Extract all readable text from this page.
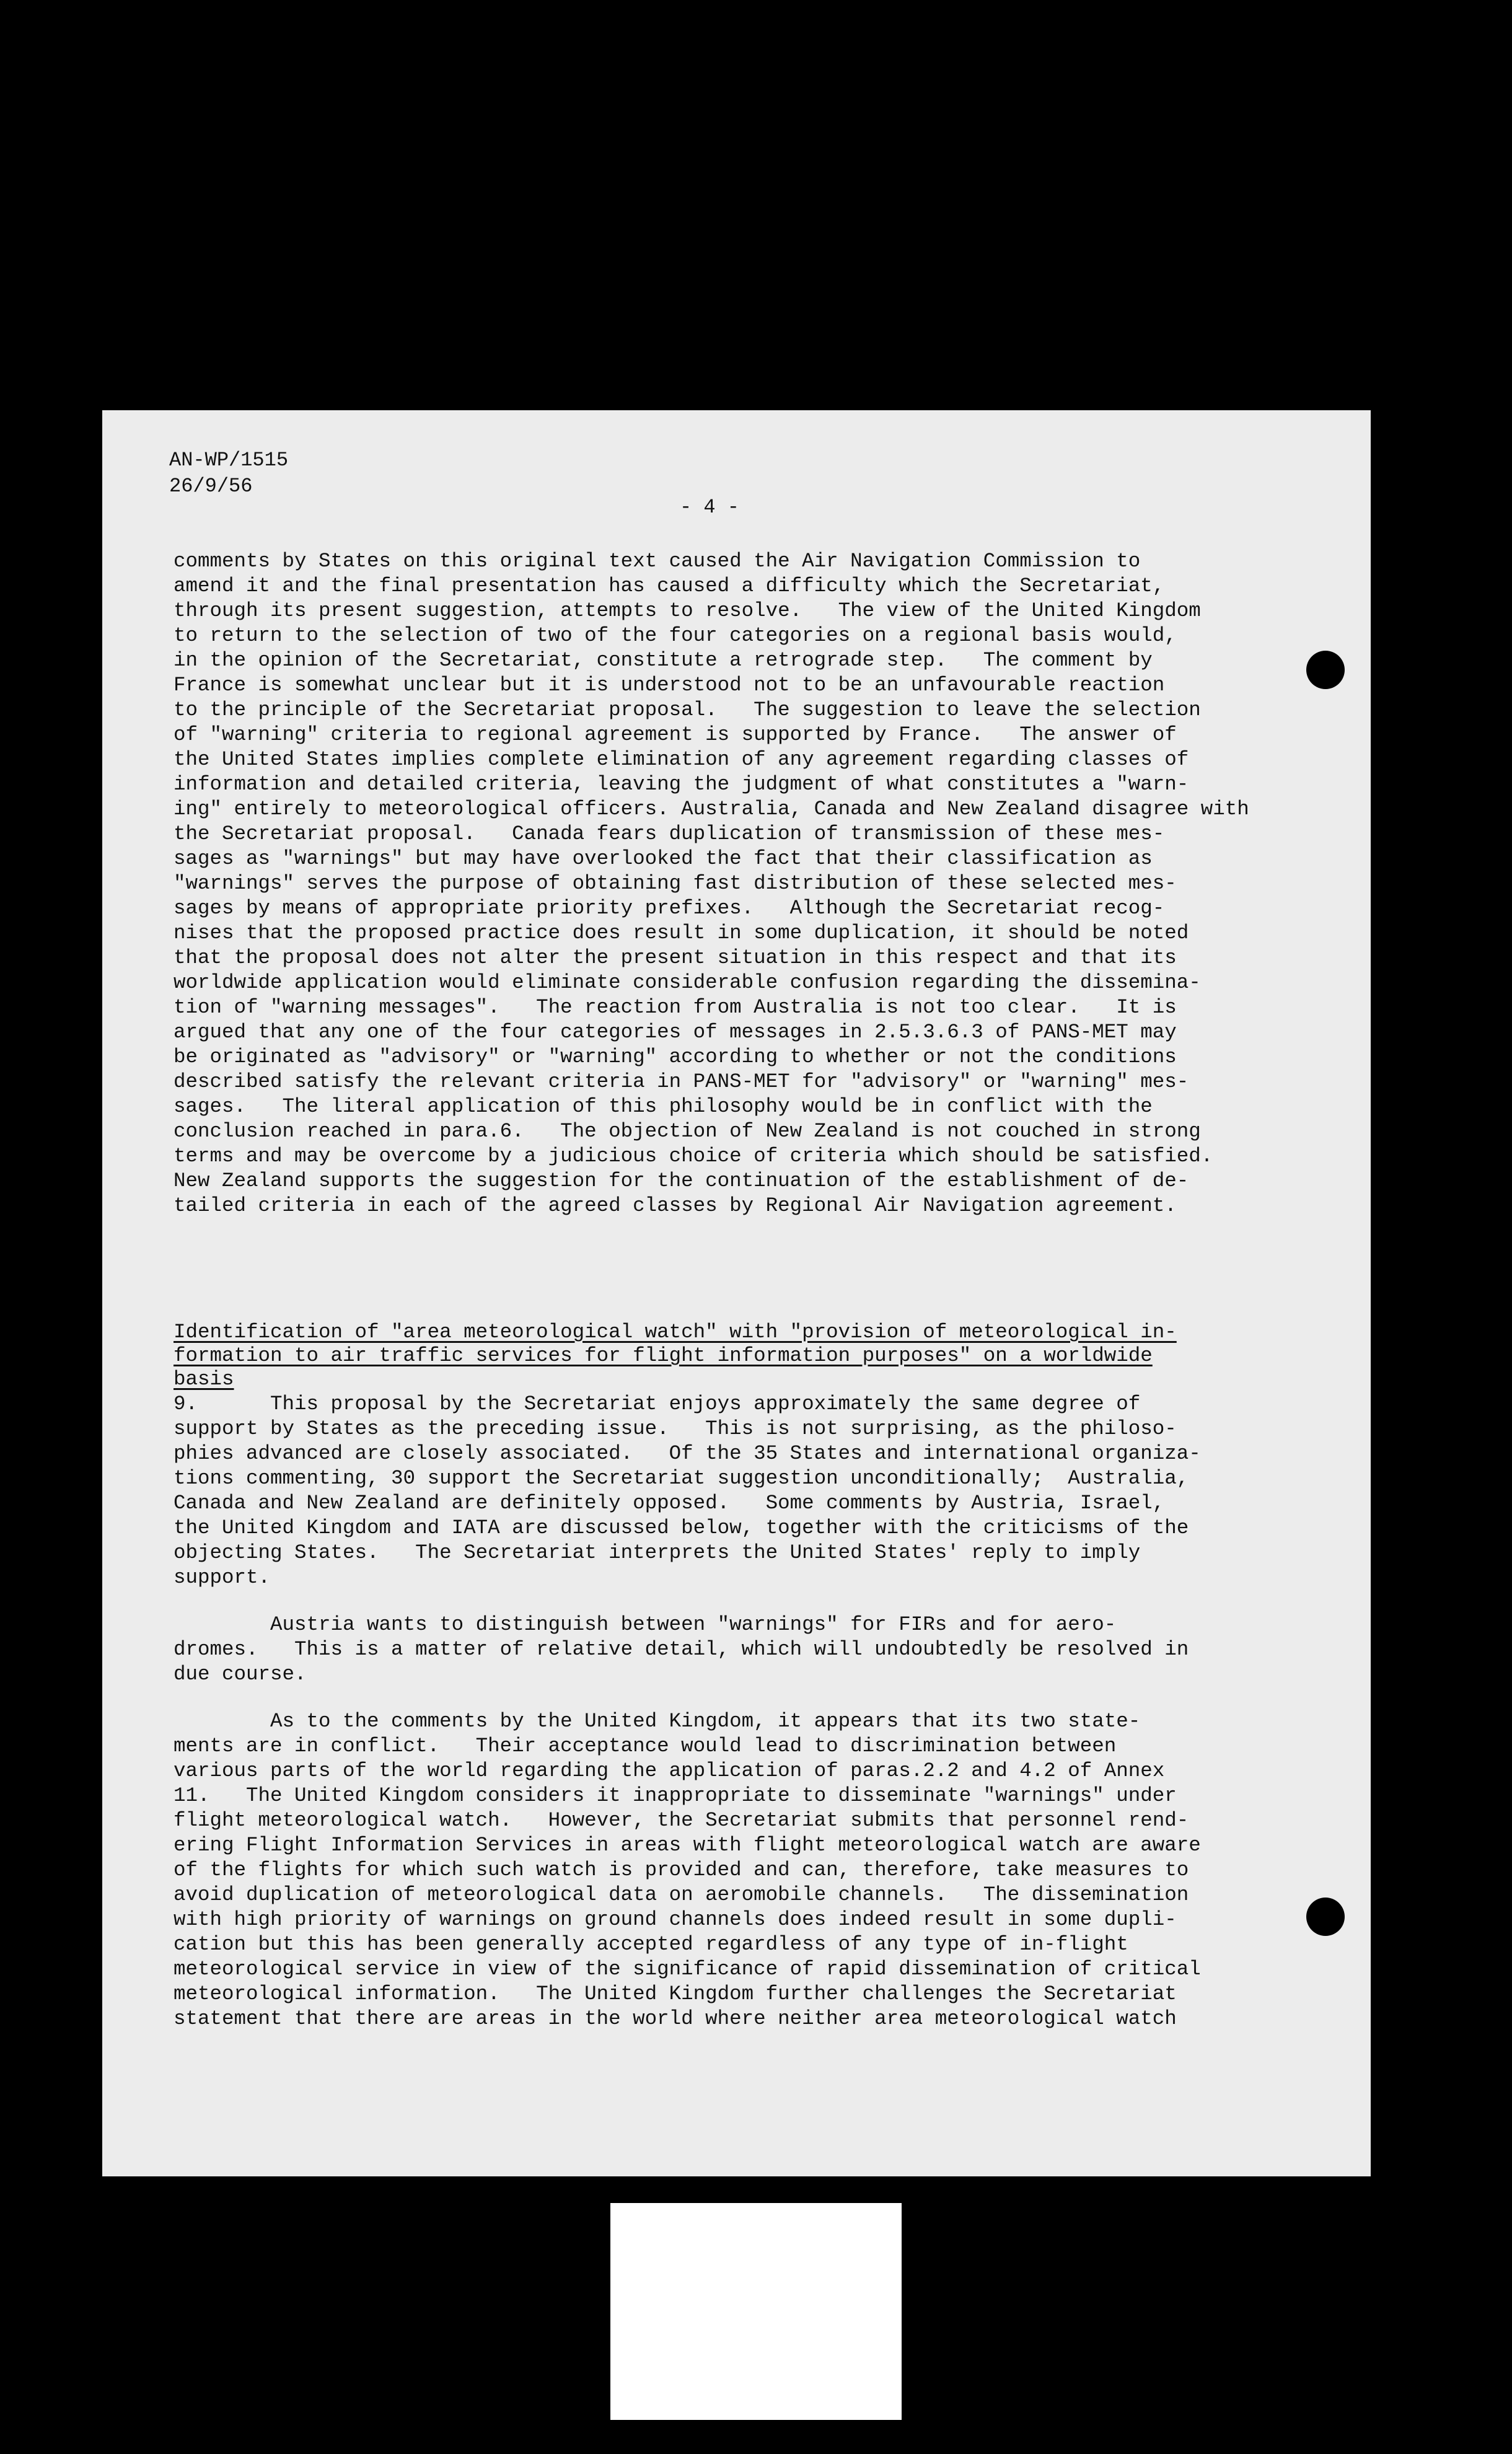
AN-WP/1515
26/9/56
- 4 -
comments by States on this original text caused the Air Navigation Commission to
amend it and the final presentation has caused a difficulty which the Secretariat,
through its present suggestion, attempts to resolve.   The view of the United Kingdom
to return to the selection of two of the four categories on a regional basis would,
in the opinion of the Secretariat, constitute a retrograde step.   The comment by
France is somewhat unclear but it is understood not to be an unfavourable reaction
to the principle of the Secretariat proposal.   The suggestion to leave the selection
of "warning" criteria to regional agreement is supported by France.   The answer of
the United States implies complete elimination of any agreement regarding classes of
information and detailed criteria, leaving the judgment of what constitutes a "warn-
ing" entirely to meteorological officers. Australia, Canada and New Zealand disagree with
the Secretariat proposal.   Canada fears duplication of transmission of these mes-
sages as "warnings" but may have overlooked the fact that their classification as
"warnings" serves the purpose of obtaining fast distribution of these selected mes-
sages by means of appropriate priority prefixes.   Although the Secretariat recog-
nises that the proposed practice does result in some duplication, it should be noted
that the proposal does not alter the present situation in this respect and that its
worldwide application would eliminate considerable confusion regarding the dissemina-
tion of "warning messages".   The reaction from Australia is not too clear.   It is
argued that any one of the four categories of messages in 2.5.3.6.3 of PANS-MET may
be originated as "advisory" or "warning" according to whether or not the conditions
described satisfy the relevant criteria in PANS-MET for "advisory" or "warning" mes-
sages.   The literal application of this philosophy would be in conflict with the
conclusion reached in para.6.   The objection of New Zealand is not couched in strong
terms and may be overcome by a judicious choice of criteria which should be satisfied.
New Zealand supports the suggestion for the continuation of the establishment of de-
tailed criteria in each of the agreed classes by Regional Air Navigation agreement.
Identification of "area meteorological watch" with "provision of meteorological in-
formation to air traffic services for flight information purposes" on a worldwide
basis
9.      This proposal by the Secretariat enjoys approximately the same degree of
support by States as the preceding issue.   This is not surprising, as the philoso-
phies advanced are closely associated.   Of the 35 States and international organiza-
tions commenting, 30 support the Secretariat suggestion unconditionally;  Australia,
Canada and New Zealand are definitely opposed.   Some comments by Austria, Israel,
the United Kingdom and IATA are discussed below, together with the criticisms of the
objecting States.   The Secretariat interprets the United States' reply to imply
support.
Austria wants to distinguish between "warnings" for FIRs and for aero-
dromes.   This is a matter of relative detail, which will undoubtedly be resolved in
due course.
As to the comments by the United Kingdom, it appears that its two state-
ments are in conflict.   Their acceptance would lead to discrimination between
various parts of the world regarding the application of paras.2.2 and 4.2 of Annex
11.   The United Kingdom considers it inappropriate to disseminate "warnings" under
flight meteorological watch.   However, the Secretariat submits that personnel rend-
ering Flight Information Services in areas with flight meteorological watch are aware
of the flights for which such watch is provided and can, therefore, take measures to
avoid duplication of meteorological data on aeromobile channels.   The dissemination
with high priority of warnings on ground channels does indeed result in some dupli-
cation but this has been generally accepted regardless of any type of in-flight
meteorological service in view of the significance of rapid dissemination of critical
meteorological information.   The United Kingdom further challenges the Secretariat
statement that there are areas in the world where neither area meteorological watch
